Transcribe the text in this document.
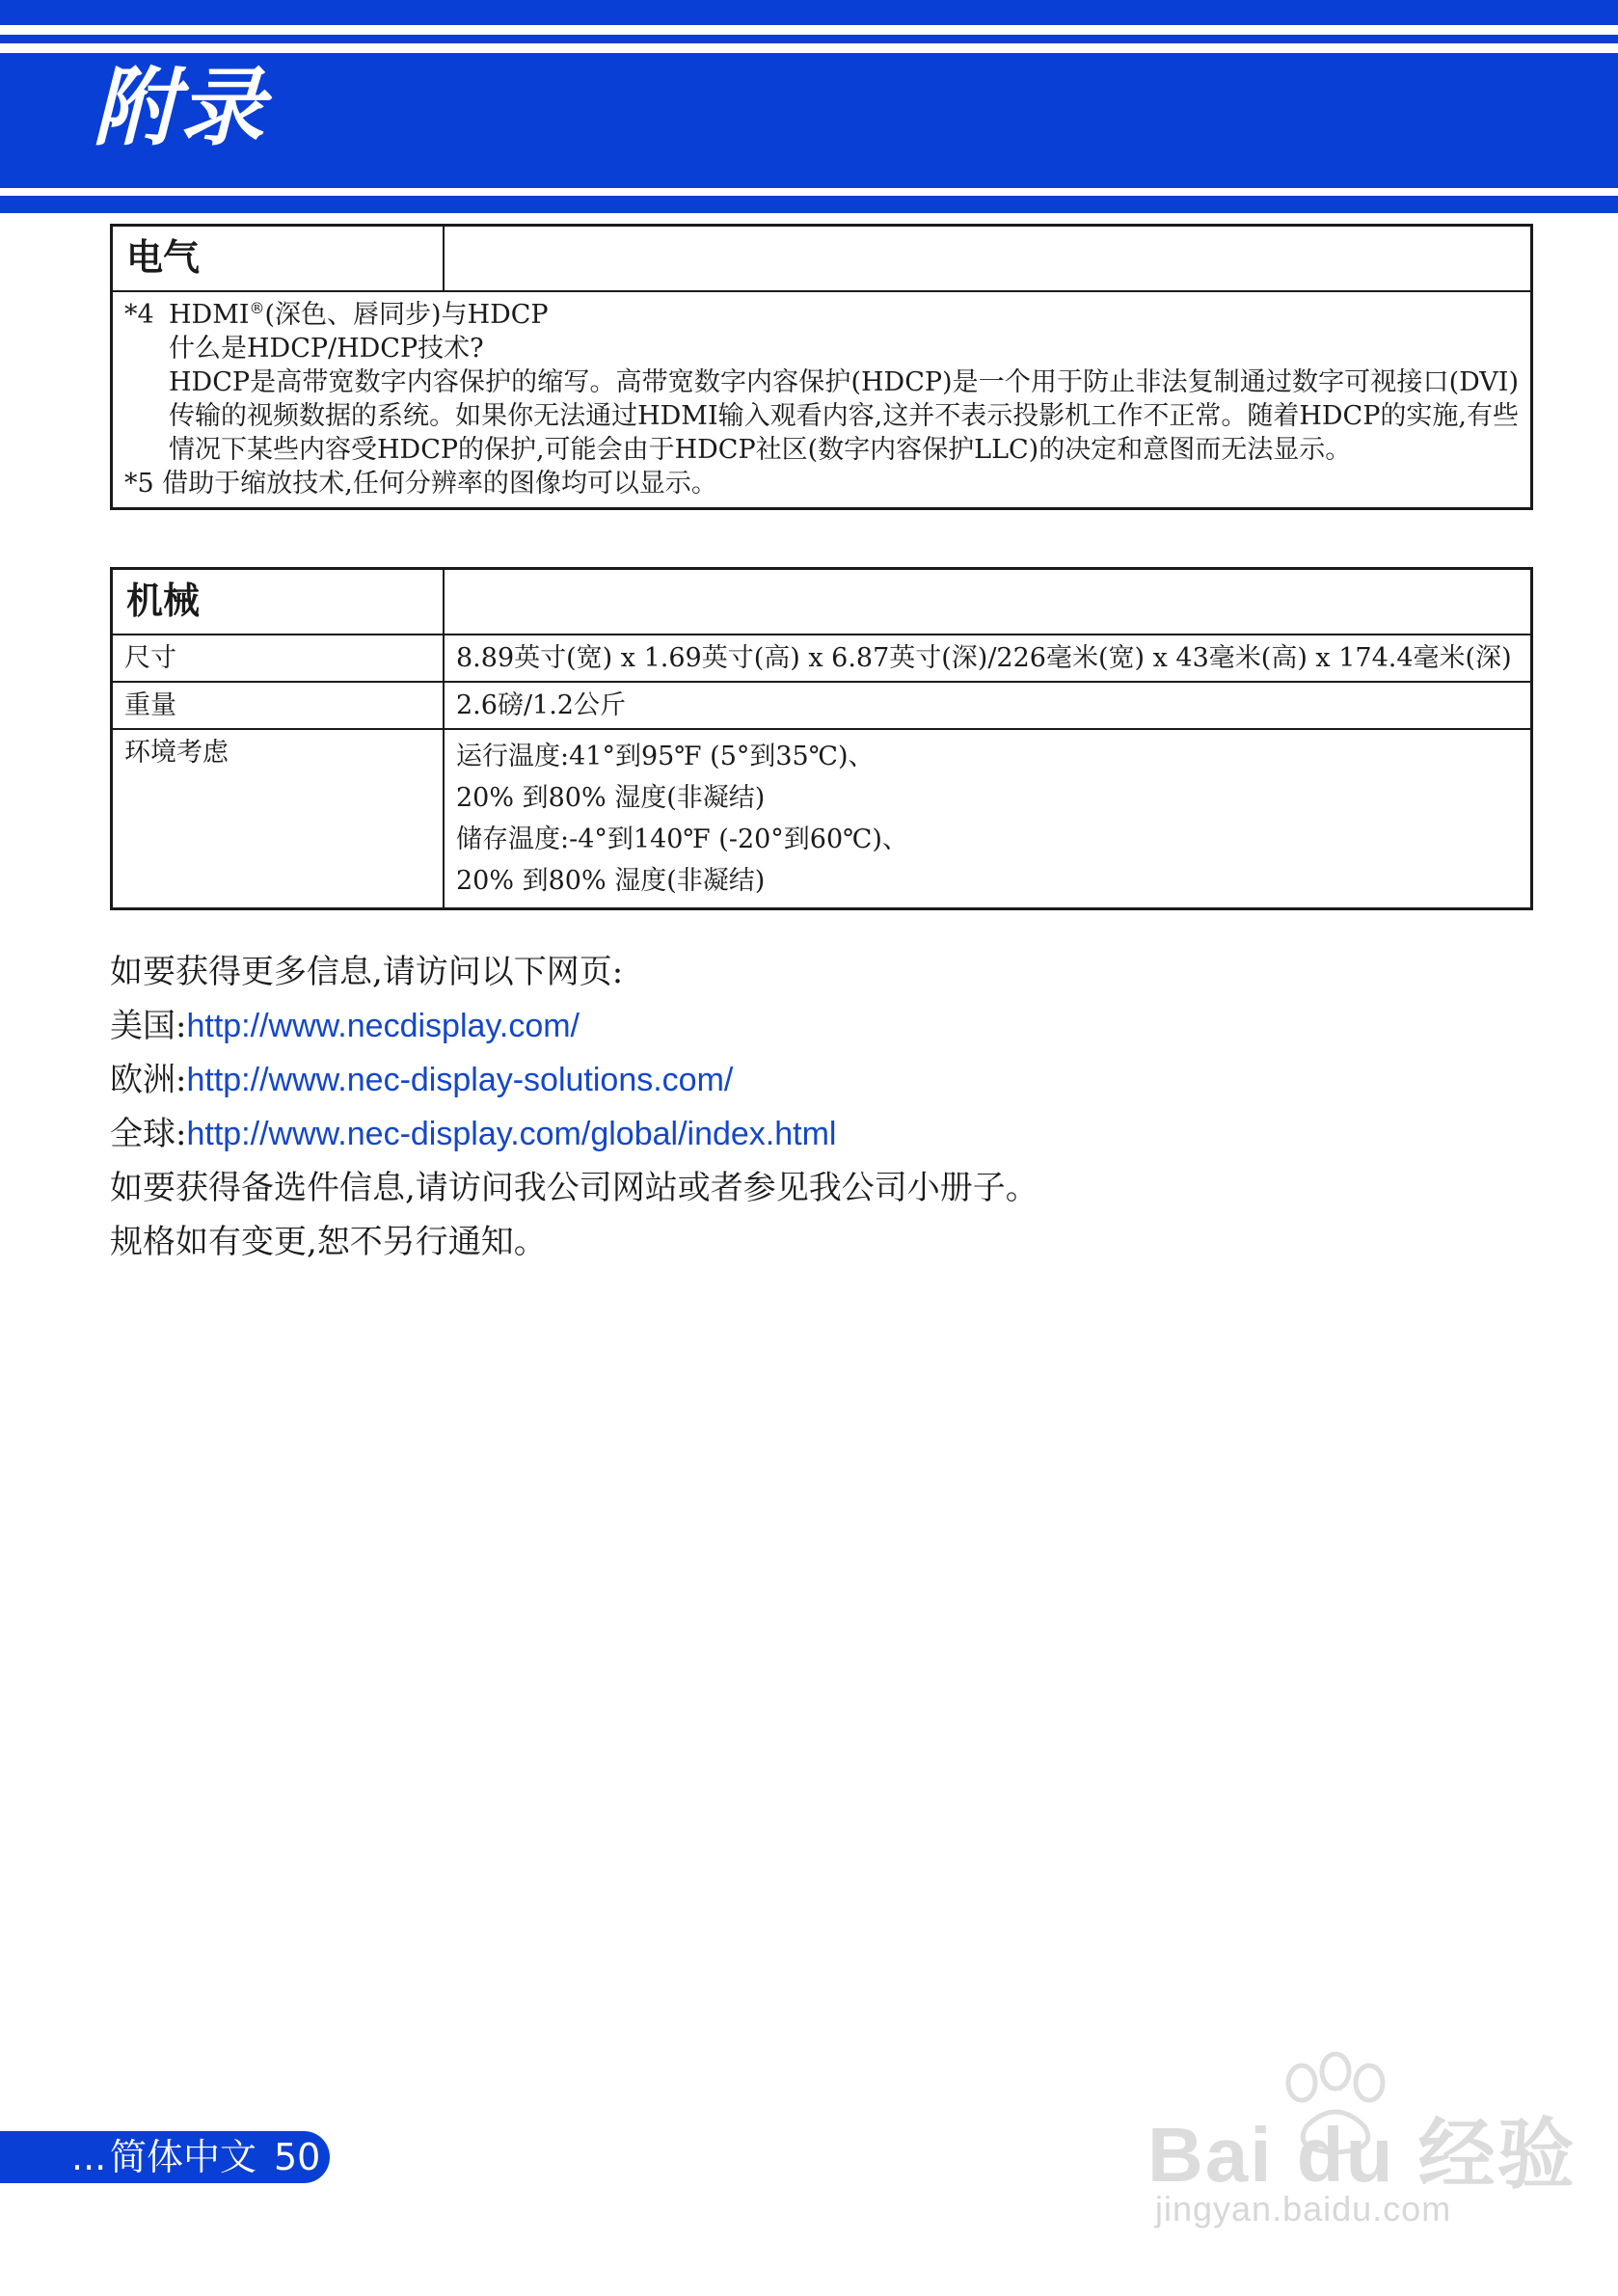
附录
电气	

*4 HDMI®(深色、唇同步)与HDCP
什么是HDCP/HDCP技术?
HDCP是高带宽数字内容保护的缩写。高带宽数字内容保护(HDCP)是一个用于防止非法复制通过数字可视接口(DVI)传输的视频数据的系统。如果你无法通过HDMI输入观看内容,这并不表示投影机工作不正常。随着HDCP的实施,有些情况下某些内容受HDCP的保护,可能会由于HDCP社区(数字内容保护LLC)的决定和意图而无法显示。
*5 借助于缩放技术,任何分辨率的图像均可以显示。
机械	
尺寸	8.89英寸(宽) x 1.69英寸(高) x 6.87英寸(深)/226毫米(宽) x 43毫米(高) x 174.4毫米(深)
重量	2.6磅/1.2公斤
环境考虑	运行温度:41°到95℉ (5°到35℃)、
20% 到80% 湿度(非凝结)
储存温度:-4°到140℉ (-20°到60℃)、
20% 到80% 湿度(非凝结)
如要获得更多信息,请访问以下网页:
美国:http://www.necdisplay.com/
欧洲:http://www.nec-display-solutions.com/
全球:http://www.nec-display.com/global/index.html
如要获得备选件信息,请访问我公司网站或者参见我公司小册子。
规格如有变更,恕不另行通知。
... 简体中文 50	Bai du 经验
jingyan.baidu.com
